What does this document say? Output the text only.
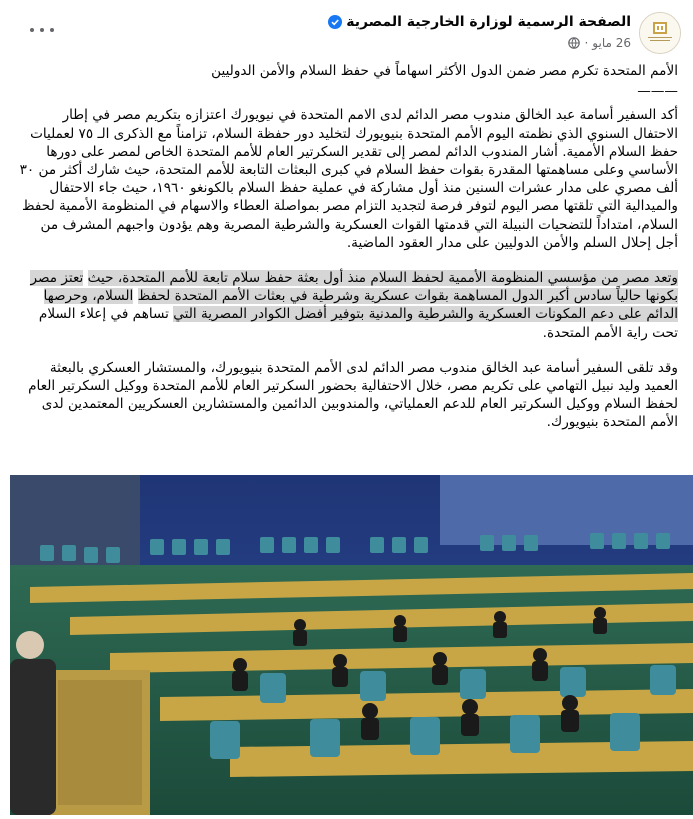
الصفحة الرسمية لوزارة الخارجية المصرية
26 مايو
·

الأمم المتحدة تكرم مصر ضمن الدول الأكثر اسهاماً في حفظ السلام والأمن الدوليين

———

أكد السفير أسامة عبد الخالق مندوب مصر الدائم لدى الامم المتحدة في نيويورك اعتزازه بتكريم مصر في إطار الاحتفال السنوي الذي نظمته اليوم الأمم المتحدة بنيويورك لتخليد دور حفظة السلام، تزامناً مع الذكرى الـ ٧٥ لعمليات حفظ السلام الأممية. أشار المندوب الدائم لمصر إلى تقدير السكرتير العام للأمم المتحدة الخاص لمصر على دورها الأساسي وعلى مساهمتها المقدرة بقوات حفظ السلام في كبرى البعثات التابعة للأمم المتحدة، حيث شارك أكثر من ٣٠ ألف مصري على مدار عشرات السنين منذ أول مشاركة في عملية حفظ السلام بالكونغو ١٩٦٠، حيث جاء الاحتفال والميدالية التي تلقتها مصر اليوم لتوفر فرصة لتجديد التزام مصر بمواصلة العطاء والاسهام في المنظومة الأممية لحفظ السلام، امتداداً للتضحيات النبيلة التي قدمتها القوات العسكرية والشرطية المصرية وهم يؤدون واجبهم المشرف من أجل إحلال السلم والأمن الدوليين على مدار العقود الماضية.

وتعد مصر من مؤسسي المنظومة الأممية لحفظ السلام منذ أول بعثة حفظ سلام تابعة للأمم المتحدة، حيث تعتز مصر بكونها حالياً سادس أكبر الدول المساهمة بقوات عسكرية وشرطية في بعثات الأمم المتحدة لحفظ السلام، وحرصها الدائم على دعم المكونات العسكرية والشرطية والمدنية بتوفير أفضل الكوادر المصرية التي تساهم في إعلاء السلام تحت راية الأمم المتحدة.

وقد تلقى السفير أسامة عبد الخالق مندوب مصر الدائم لدى الأمم المتحدة بنيويورك، والمستشار العسكري بالبعثة العميد وليد نبيل التهامي على تكريم مصر، خلال الاحتفالية بحضور السكرتير العام للأمم المتحدة ووكيل السكرتير العام لحفظ السلام ووكيل السكرتير العام للدعم العملياتي، والمندوبين الدائمين والمستشارين العسكريين المعتمدين لدى الأمم المتحدة بنيويورك.
